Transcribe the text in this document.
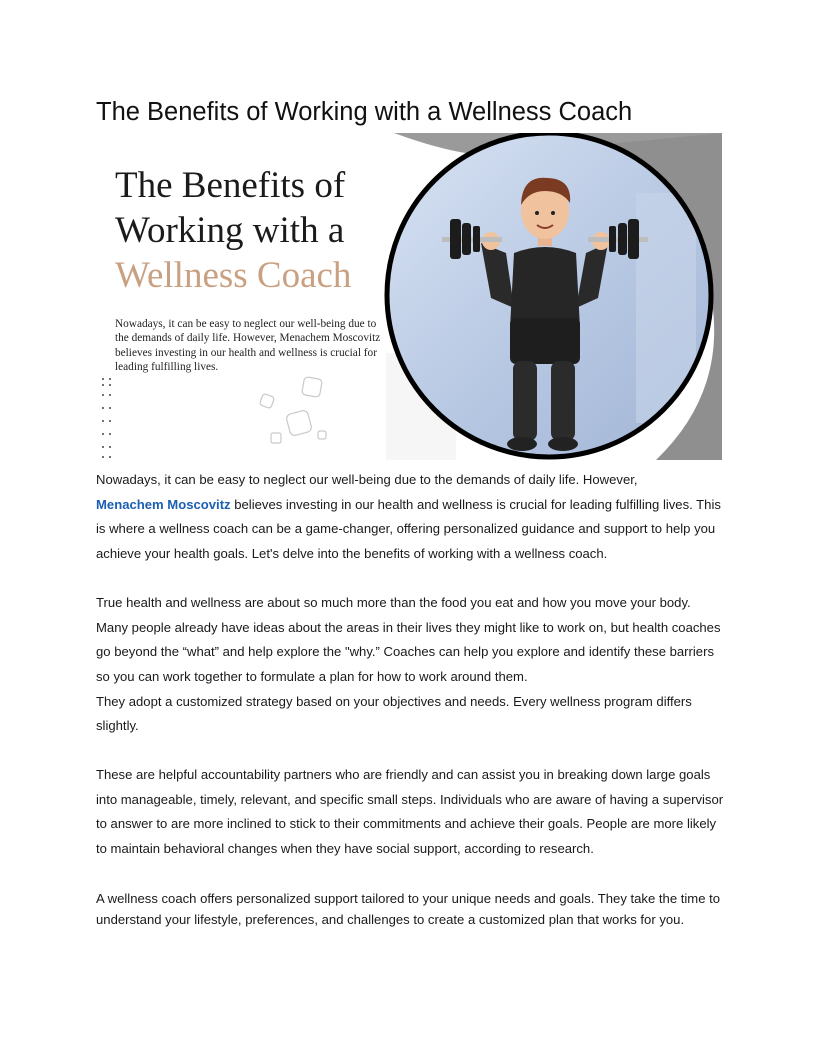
The Benefits of Working with a Wellness Coach
The Benefits of
Working with a
Wellness Coach

Nowadays, it can be easy to neglect our well-being due to the demands of daily life. However, Menachem Moscovitz believes investing in our health and wellness is crucial for leading fulfilling lives.

Nowadays, it can be easy to neglect our well-being due to the demands of daily life. However,
Menachem Moscovitz believes investing in our health and wellness is crucial for leading fulfilling lives. This is where a wellness coach can be a game-changer, offering personalized guidance and support to help you achieve your health goals. Let's delve into the benefits of working with a wellness coach.

True health and wellness are about so much more than the food you eat and how you move your body. Many people already have ideas about the areas in their lives they might like to work on, but health coaches go beyond the “what” and help explore the "why.” Coaches can help you explore and identify these barriers so you can work together to formulate a plan for how to work around them.

They adopt a customized strategy based on your objectives and needs. Every wellness program differs slightly.

These are helpful accountability partners who are friendly and can assist you in breaking down large goals into manageable, timely, relevant, and specific small steps. Individuals who are aware of having a supervisor to answer to are more inclined to stick to their commitments and achieve their goals. People are more likely to maintain behavioral changes when they have social support, according to research.

A wellness coach offers personalized support tailored to your unique needs and goals. They take the time to understand your lifestyle, preferences, and challenges to create a customized plan that works for you.
